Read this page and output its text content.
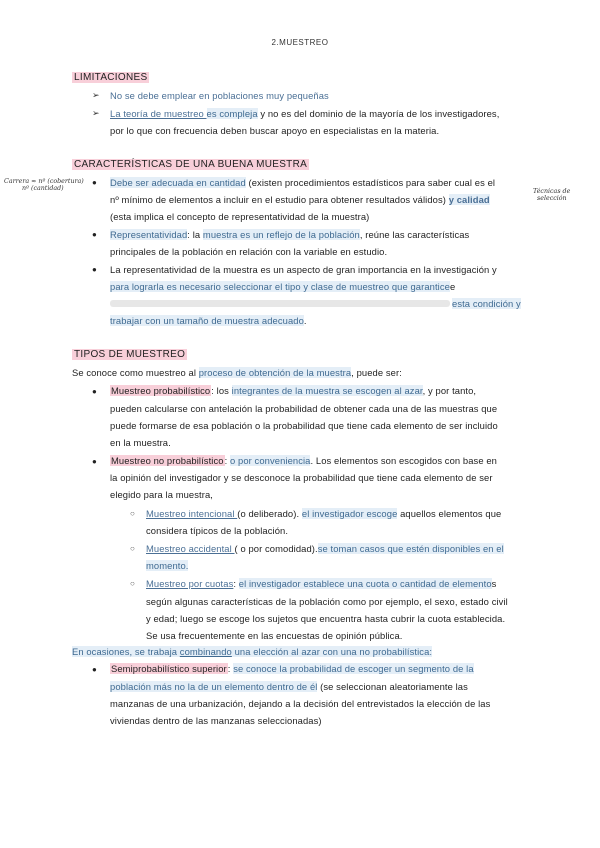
2.MUESTREO
LIMITACIONES
➢ No se debe emplear en poblaciones muy pequeñas
➢ La teoría de muestreo es compleja y no es del dominio de la mayoría de los investigadores,
por lo que con frecuencia deben buscar apoyo en especialistas en la materia.
CARACTERÍSTICAS DE UNA BUENA MUESTRA
Carrera ≈ nº (cobertura)
nº (cantidad)	Técnicas de
selección
● Debe ser adecuada en cantidad (existen procedimientos estadísticos para saber cual es el
nº mínimo de elementos a incluir en el estudio para obtener resultados válidos) y calidad
(esta implica el concepto de representatividad de la muestra)
● Representatividad: la muestra es un reflejo de la población, reúne las características
principales de la población en relación con la variable en estudio.
● La representatividad de la muestra es un aspecto de gran importancia en la investigación y
para lograrla es necesario seleccionar el tipo y clase de muestreo que garanticee
esta condición y
trabajar con un tamaño de muestra adecuado.
TIPOS DE MUESTREO
Se conoce como muestreo al proceso de obtención de la muestra, puede ser:
● Muestreo probabilístico: los integrantes de la muestra se escogen al azar, y por tanto,
pueden calcularse con antelación la probabilidad de obtener cada una de las muestras que
puede formarse de esa población o la probabilidad que tiene cada elemento de ser incluido
en la muestra.
● Muestreo no probabilístico: o por conveniencia. Los elementos son escogidos con base en
la opinión del investigador y se desconoce la probabilidad que tiene cada elemento de ser
elegido para la muestra,
○ Muestreo intencional (o deliberado). el investigador escoge aquellos elementos que
considera típicos de la población.
○ Muestreo accidental ( o por comodidad).se toman casos que estén disponibles en el
momento.
○ Muestreo por cuotas: el investigador establece una cuota o cantidad de elementos
según algunas características de la población como por ejemplo, el sexo, estado civil
y edad; luego se escoge los sujetos que encuentra hasta cubrir la cuota establecida.
Se usa frecuentemente en las encuestas de opinión pública.
En ocasiones, se trabaja combinando una elección al azar con una no probabilística:
● Semiprobabilístico superior: se conoce la probabilidad de escoger un segmento de la
población más no la de un elemento dentro de él (se seleccionan aleatoriamente las
manzanas de una urbanización, dejando a la decisión del entrevistados la elección de las
viviendas dentro de las manzanas seleccionadas)
